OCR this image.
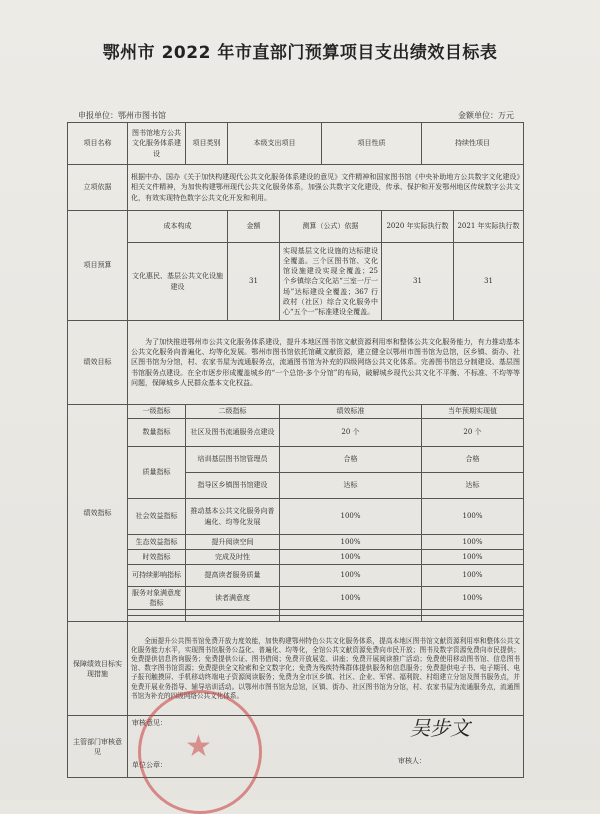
鄂州市 2022 年市直部门预算项目支出绩效目标表
申报单位：鄂州市图书馆	金额单位：万元
项目名称	图书馆地方公共文化服务体系建设	项目类别	本级支出项目		项目性质		持续性项目	
立项依据	根据中办、国办《关于加快构建现代公共文化服务体系建设的意见》文件精神和国家图书馆《中央补助地方公共数字文化建设》相关文件精神，为加快构建鄂州现代公共文化服务体系，加强公共数字文化建设，传承、保护和开发鄂州地区传统数字公共文化，有效实现特色数字公共文化开发和利用。							
项目预算	成本构成		金额	测算（公式）依据		2020 年实际执行数		2021 年实际执行数
	文化惠民、基层公共文化设施建设		31	实现基层文化设施的达标建设全覆盖。三个区图书馆、文化馆设施建设实现全覆盖；25 个乡镇综合文化站“三室一厅一场”达标建设全覆盖；367 行政村（社区）综合文化服务中心“五个一”标准建设全覆盖。		31		31
绩效目标	为了加快推进鄂州市公共文化服务体系建设，提升本地区图书馆文献资源利用率和整体公共文化服务能力，有力推动基本公共文化服务向普遍化、均等化发展。鄂州市图书馆依托馆藏文献资源，建立健全以鄂州市图书馆为总馆，区乡镇、街办、社区图书馆为分馆，村、农家书屋为流通服务点，流通图书馆为补充的四级网络公共文化体系。完善图书馆总分制建设、基层图书馆服务点建设。在全市逐步形成覆盖城乡的“一个总馆-多个分馆”的布局，破解城乡现代公共文化不平衡、不标准、不均等等问题，保障城乡人民群众基本文化权益。							
绩效指标	一级指标	二级指标		绩效标准			当年预期实现值	
	数量指标	社区及图书流通服务点建设		20 个			20 个	
	质量指标	培训基层图书馆管理员		合格			合格	
		指导区乡镇图书馆建设		达标			达标	
	社会效益指标	推动基本公共文化服务向普遍化、均等化发展		100%			100%	
	生态效益指标	提升阅读空间		100%			100%	
	时效指标	完成及时性		100%			100%	
	可持续影响指标	提高读者服务质量		100%			100%	
	服务对象满意度指标	读者满意度		100%			100%	

保障绩效目标实现措施	全面提升公共图书馆免费开放力度效能，加快构建鄂州特色公共文化服务体系，提高本地区图书馆文献资源利用率和整体公共文化服务能力水平，实现图书馆服务公益化、普遍化、均等化，全馆公共文献资源免费向市民开放；图书及数字资源免费向市民提供；免费提供信息咨询服务；免费提供公证、图书借阅；免费开放展览、讲座；免费开展阅读推广活动；免费使用移动图书馆、信息图书馆、数字图书馆资源；免费提供全文检索和全文数字化；免费为残疾特殊群体提供服务和信息服务；免费提供电子书、电子期刊、电子报刊触摸屏、手机移动终端电子资源阅读服务；免费为全市区乡镇、社区、企业、军营、福利院、村组建立分馆及图书服务点，并免费开展业务指导、辅导培训活动。以鄂州市图书馆为总馆，区镇、街办、社区图书馆为分馆，村、农家书屋为流通服务点，流通图书馆为补充的四级网络公共文化体系。							
主管部门审核意见	审核意见：
单位公章： 审核人：							
★
吴步文
